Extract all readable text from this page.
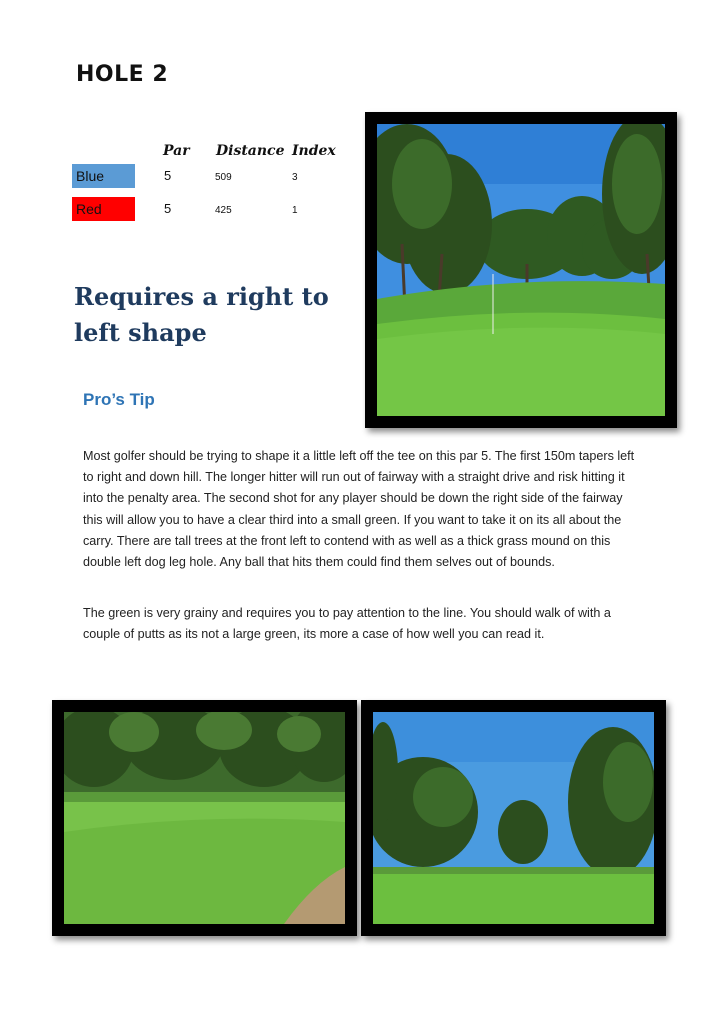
HOLE 2
Par Distance Index
Blue	5	509	3
Red	5	425	1
Requires a right to left shape
Pro’s Tip
Most golfer should be trying to shape it a little left off the tee on this par 5. The first 150m tapers left to right and down hill. The longer hitter will run out of fairway with a straight drive and risk hitting it into the penalty area. The second shot for any player should be down the right side of the fairway this will allow you to have a clear third into a small green. If you want to take it on its all about the carry. There are tall trees at the front left to contend with as well as a thick grass mound on this double left dog leg hole. Any ball that hits them could find them selves out of bounds.
The green is very grainy and requires you to pay attention to the line. You should walk of with a couple of putts as its not a large green, its more a case of how well you can read it.
